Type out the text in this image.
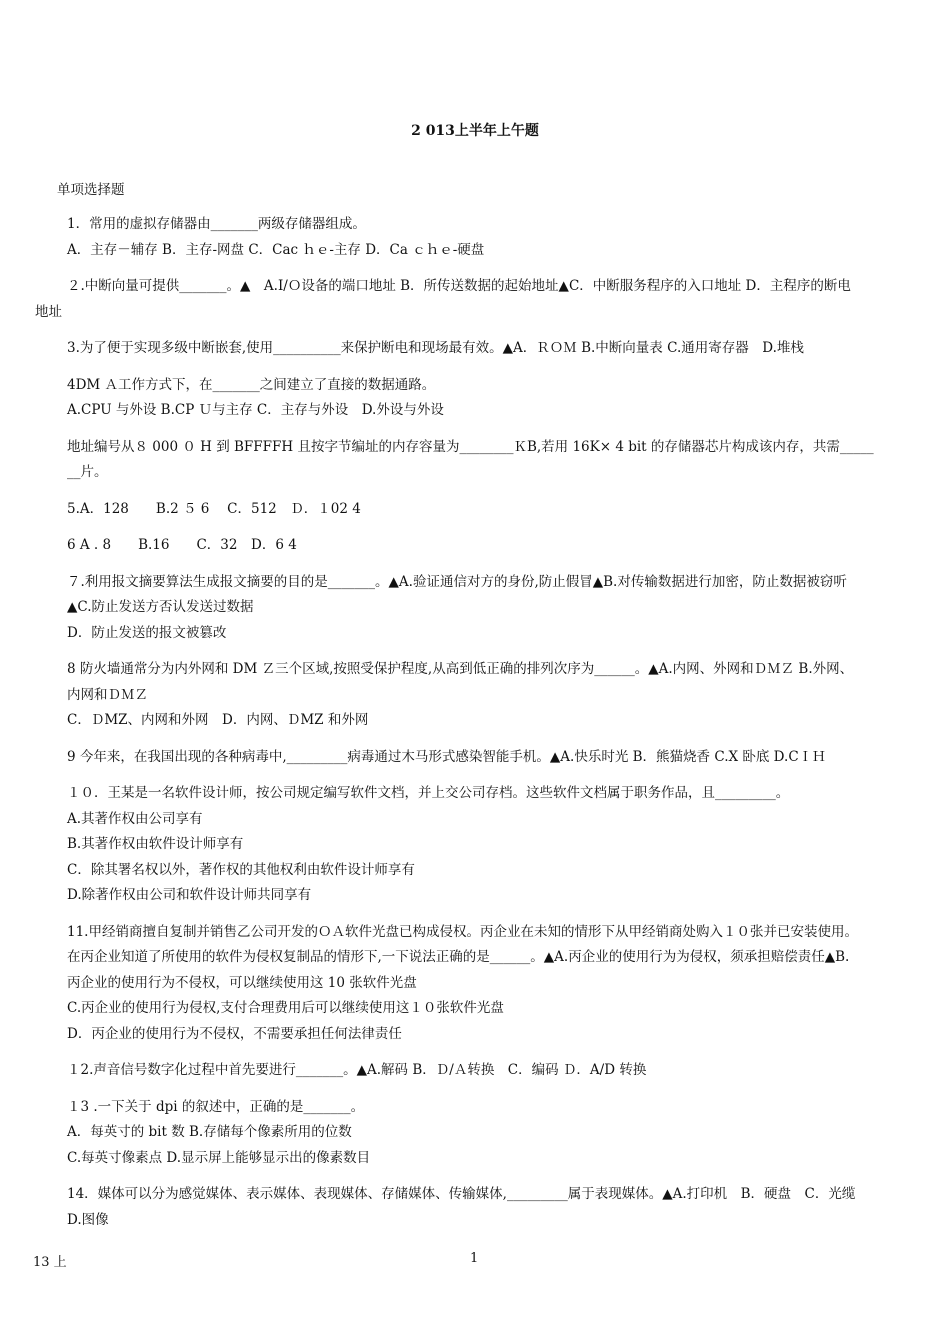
2 013上半年上午题
单项选择题
1．常用的虚拟存储器由_______两级存储器组成。
A．主存－辅存 B．主存-网盘 C．Cac ｈｅ-主存 D．Ca ｃｈｅ-硬盘
２.中断向量可提供_______。▲　A.I/Ｏ设备的端口地址 B．所传送数据的起始地址▲C．中断服务程序的入口地址 D．主程序的断电
地址
3.为了便于实现多级中断嵌套,使用__________来保护断电和现场最有效。▲A．ＲＯＭ B.中断向量表 C.通用寄存器　D.堆栈
4DM Ａ工作方式下，在_______之间建立了直接的数据通路。
A.CPU 与外设 B.CP Ｕ与主存 C．主存与外设　D.外设与外设
地址编号从８ 000 ０ H 到 BFFFFH 且按字节编址的内存容量为________ＫB,若用 16K× 4 bit 的存储器芯片构成该内存，共需_____
__片。
5.A．128　　B.2 ５ 6　 C．512　Ｄ．１02 4
6 A . 8　　B.16　　C．32　D．6 4
７.利用报文摘要算法生成报文摘要的目的是_______。▲A.验证通信对方的身份,防止假冒▲B.对传输数据进行加密，防止数据被窃听
▲C.防止发送方否认发送过数据
D．防止发送的报文被篡改
8 防火墙通常分为内外网和 DM Ｚ三个区域,按照受保护程度,从高到低正确的排列次序为______。▲A.内网、外网和ＤＭＺ B.外网、
内网和ＤＭＺ
C．ＤMZ、内网和外网　D．内网、ＤMZ 和外网
9 今年来，在我国出现的各种病毒中,_________病毒通过木马形式感染智能手机。▲A.快乐时光 B．熊猫烧香 C.X 卧底 D.CＩＨ
１０．王某是一名软件设计师，按公司规定编写软件文档，并上交公司存档。这些软件文档属于职务作品，且_________。
A.其著作权由公司享有
B.其著作权由软件设计师享有
C．除其署名权以外，著作权的其他权利由软件设计师享有
D.除著作权由公司和软件设计师共同享有
11.甲经销商擅自复制并销售乙公司开发的ＯＡ软件光盘已构成侵权。丙企业在未知的情形下从甲经销商处购入１０张并已安装使用。
在丙企业知道了所使用的软件为侵权复制品的情形下,一下说法正确的是______。▲A.丙企业的使用行为为侵权，须承担赔偿责任▲B.
丙企业的使用行为不侵权，可以继续使用这 10 张软件光盘
C.丙企业的使用行为侵权,支付合理费用后可以继续使用这１０张软件光盘
D．丙企业的使用行为不侵权，不需要承担任何法律责任
１2.声音信号数字化过程中首先要进行_______。▲A.解码 B．Ｄ/Ａ转换　C．编码 Ｄ．A/D 转换
１3 .一下关于 dpi 的叙述中，正确的是_______。
A．每英寸的 bit 数 B.存储每个像素所用的位数
C.每英寸像素点 D.显示屏上能够显示出的像素数目
14．媒体可以分为感觉媒体、表示媒体、表现媒体、存储媒体、传输媒体,_________属于表现媒体。▲A.打印机　B．硬盘　C．光缆
D.图像
13 上	1
